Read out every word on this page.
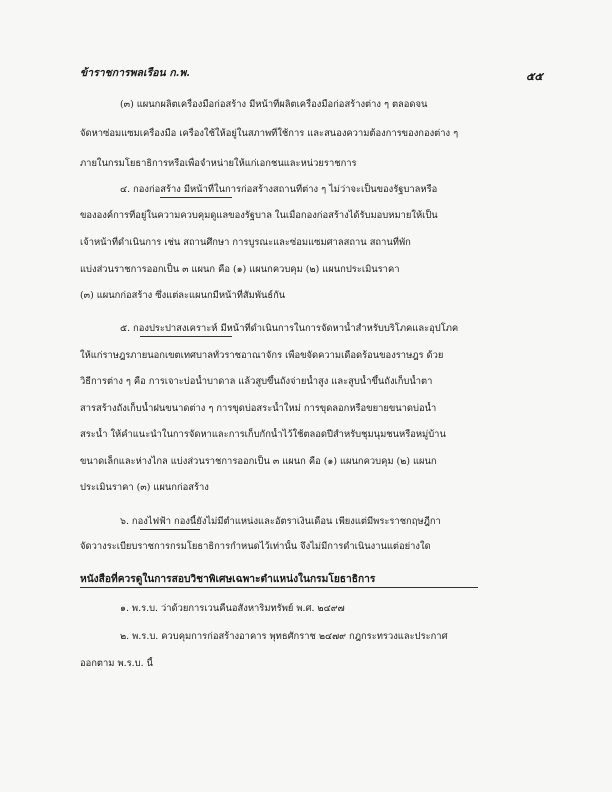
ข้าราชการพลเรือน ก.พ.	๕๕
(๓) แผนกผลิตเครื่องมือก่อสร้าง มีหน้าที่ผลิตเครื่องมือก่อสร้างต่าง ๆ ตลอดจน
จัดหาซ่อมแซมเครื่องมือ เครื่องใช้ให้อยู่ในสภาพที่ใช้การ และสนองความต้องการของกองต่าง ๆ
ภายในกรมโยธาธิการหรือเพื่อจำหน่ายให้แก่เอกชนและหน่วยราชการ
๔. กองก่อสร้าง มีหน้าที่ในการก่อสร้างสถานที่ต่าง ๆ ไม่ว่าจะเป็นของรัฐบาลหรือ
ขององค์การที่อยู่ในความควบคุมดูแลของรัฐบาล ในเมื่อกองก่อสร้างได้รับมอบหมายให้เป็น
เจ้าหน้าที่ดำเนินการ เช่น สถานศึกษา การบูรณะและซ่อมแซมศาลสถาน สถานที่พัก
แบ่งส่วนราชการออกเป็น ๓ แผนก คือ (๑) แผนกควบคุม (๒) แผนกประเมินราคา
(๓) แผนกก่อสร้าง ซึ่งแต่ละแผนกมีหน้าที่สัมพันธ์กัน
๕. กองประปาสงเคราะห์ มีหน้าที่ดำเนินการในการจัดหาน้ำสำหรับบริโภคและอุปโภค
ให้แก่ราษฎรภายนอกเขตเทศบาลทั่วราชอาณาจักร เพื่อขจัดความเดือดร้อนของราษฎร ด้วย
วิธีการต่าง ๆ คือ การเจาะบ่อน้ำบาดาล แล้วสูบขึ้นถังจ่ายน้ำสูง และสูบน้ำขึ้นถังเก็บน้ำตา
สารสร้างถังเก็บน้ำฝนขนาดต่าง ๆ การขุดบ่อสระน้ำใหม่ การขุดลอกหรือขยายขนาดบ่อน้ำ
สระน้ำ ให้คำแนะนำในการจัดหาและการเก็บกักน้ำไว้ใช้ตลอดปีสำหรับชุมนุมชนหรือหมู่บ้าน
ขนาดเล็กและห่างไกล แบ่งส่วนราชการออกเป็น ๓ แผนก คือ (๑) แผนกควบคุม (๒) แผนก
ประเมินราคา (๓) แผนกก่อสร้าง
๖. กองไฟฟ้า กองนี้ยังไม่มีตำแหน่งและอัตราเงินเดือน เพียงแต่มีพระราชกฤษฎีกา
จัดวางระเบียบราชการกรมโยธาธิการกำหนดไว้เท่านั้น จึงไม่มีการดำเนินงานแต่อย่างใด
หนังสือที่ควรดูในการสอบวิชาพิเศษเฉพาะตำแหน่งในกรมโยธาธิการ
๑. พ.ร.บ. ว่าด้วยการเวนคืนอสังหาริมทรัพย์ พ.ศ. ๒๔๙๗
๒. พ.ร.บ. ควบคุมการก่อสร้างอาคาร พุทธศักราช ๒๔๗๙ กฎกระทรวงและประกาศ
ออกตาม พ.ร.บ. นี้
